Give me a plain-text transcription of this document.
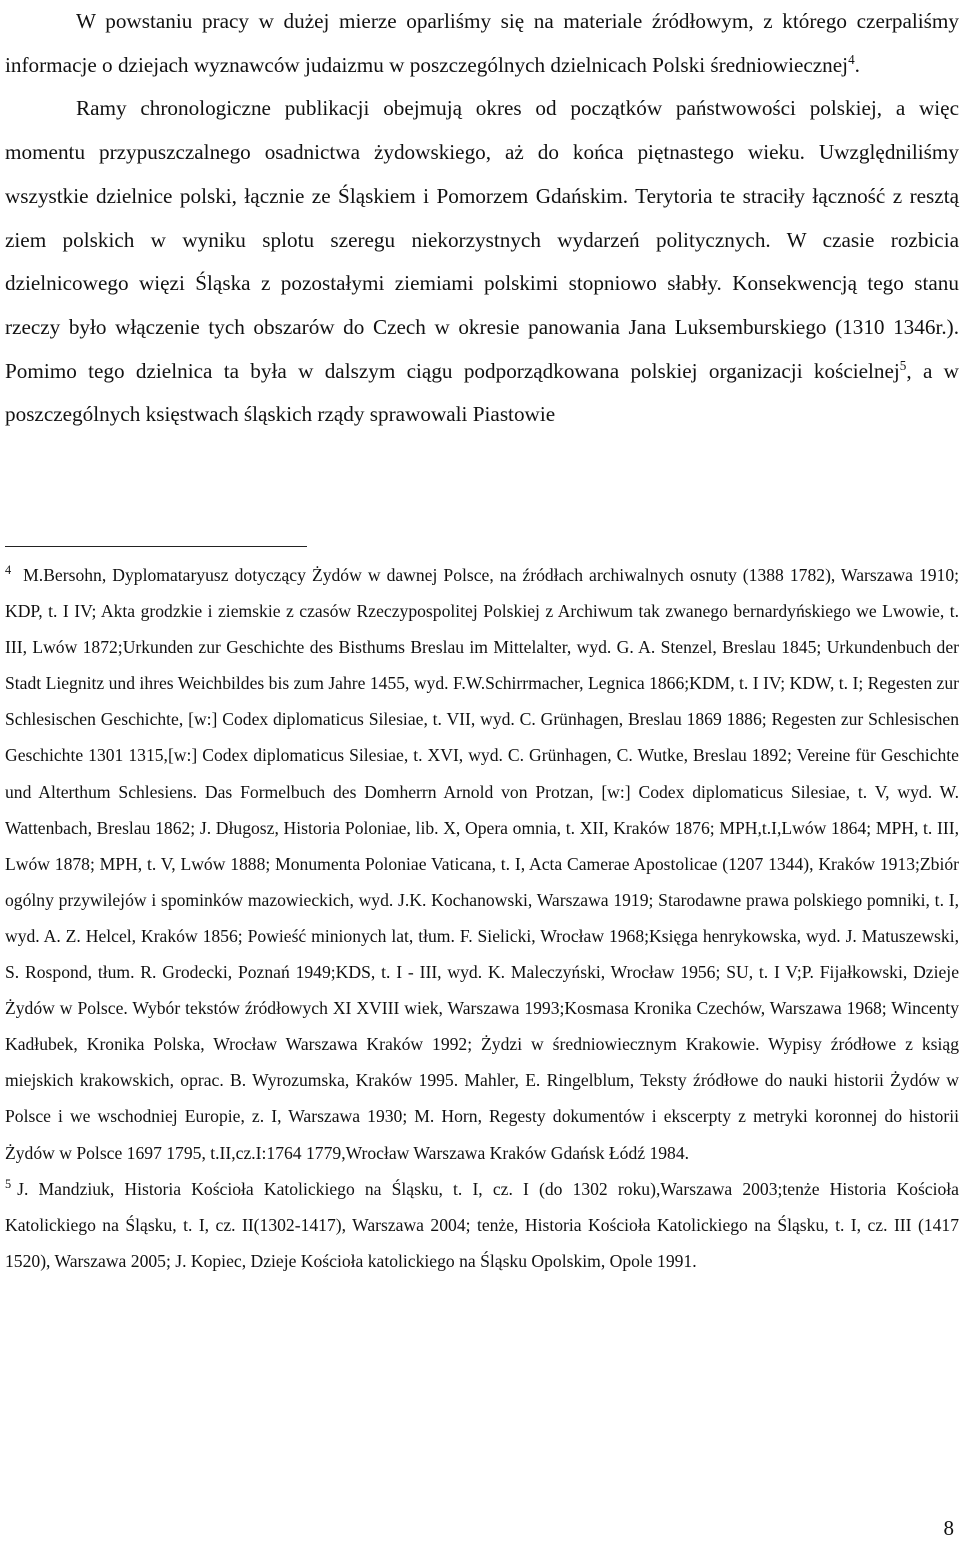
W powstaniu pracy w dużej mierze oparliśmy się na materiale źródłowym, z którego czerpaliśmy informacje o dziejach wyznawców judaizmu w poszczególnych dzielnicach Polski średniowiecznej$^4$.

Ramy chronologiczne publikacji obejmują okres od początków państwowości polskiej, a więc momentu przypuszczalnego osadnictwa żydowskiego, aż do końca piętnastego wieku. Uwzględniliśmy wszystkie dzielnice polski, łącznie ze Śląskiem i Pomorzem Gdańskim. Terytoria te straciły łączność z resztą ziem polskich w wyniku splotu szeregu niekorzystnych wydarzeń politycznych. W czasie rozbicia dzielnicowego więzi Śląska z pozostałymi ziemiami polskimi stopniowo słabły. Konsekwencją tego stanu rzeczy było włączenie tych obszarów do Czech w okresie panowania Jana Luksemburskiego (1310 1346r.). Pomimo tego dzielnica ta była w dalszym ciągu podporządkowana polskiej organizacji kościelnej$^5$, a w poszczególnych księstwach śląskich rządy sprawowali Piastowie

$^4$ M.Bersohn, Dyplomataryusz dotyczący Żydów w dawnej Polsce, na źródłach archiwalnych osnuty (1388 1782), Warszawa 1910; KDP, t. I IV; Akta grodzkie i ziemskie z czasów Rzeczypospolitej Polskiej z Archiwum tak zwanego bernardyńskiego we Lwowie, t. III, Lwów 1872;Urkunden zur Geschichte des Bisthums Breslau im Mittelalter, wyd. G. A. Stenzel, Breslau 1845; Urkundenbuch der Stadt Liegnitz und ihres Weichbildes bis zum Jahre 1455, wyd. F.W.Schirrmacher, Legnica 1866;KDM, t. I IV; KDW, t. I; Regesten zur Schlesischen Geschichte, [w:] Codex diplomaticus Silesiae, t. VII, wyd. C. Grünhagen, Breslau 1869 1886; Regesten zur Schlesischen Geschichte 1301 1315,[w:] Codex diplomaticus Silesiae, t. XVI, wyd. C. Grünhagen, C. Wutke, Breslau 1892; Vereine für Geschichte und Alterthum Schlesiens. Das Formelbuch des Domherrn Arnold von Protzan, [w:] Codex diplomaticus Silesiae, t. V, wyd. W. Wattenbach, Breslau 1862; J. Długosz, Historia Poloniae, lib. X, Opera omnia, t. XII, Kraków 1876; MPH,t.I,Lwów 1864; MPH, t. III, Lwów 1878; MPH, t. V, Lwów 1888; Monumenta Poloniae Vaticana, t. I, Acta Camerae Apostolicae (1207 1344), Kraków 1913;Zbiór ogólny przywilejów i spominków mazowieckich, wyd. J.K. Kochanowski, Warszawa 1919; Starodawne prawa polskiego pomniki, t. I, wyd. A. Z. Helcel, Kraków 1856; Powieść minionych lat, tłum. F. Sielicki, Wrocław 1968;Księga henrykowska, wyd. J. Matuszewski, S. Rospond, tłum. R. Grodecki, Poznań 1949;KDS, t. I - III, wyd. K. Maleczyński, Wrocław 1956; SU, t. I V;P. Fijałkowski, Dzieje Żydów w Polsce. Wybór tekstów źródłowych XI XVIII wiek, Warszawa 1993;Kosmasa Kronika Czechów, Warszawa 1968; Wincenty Kadłubek, Kronika Polska, Wrocław Warszawa Kraków 1992; Żydzi w średniowiecznym Krakowie. Wypisy źródłowe z ksiąg miejskich krakowskich, oprac. B. Wyrozumska, Kraków 1995. Mahler, E. Ringelblum, Teksty źródłowe do nauki historii Żydów w Polsce i we wschodniej Europie, z. I, Warszawa 1930; M. Horn, Regesty dokumentów i ekscerpty z metryki koronnej do historii Żydów w Polsce 1697 1795, t.II,cz.I:1764 1779,Wrocław Warszawa Kraków Gdańsk Łódź 1984.

$^5$ J. Mandziuk, Historia Kościoła Katolickiego na Śląsku, t. I, cz. I (do 1302 roku),Warszawa 2003;tenże Historia Kościoła Katolickiego na Śląsku, t. I, cz. II(1302-1417), Warszawa 2004; tenże, Historia Kościoła Katolickiego na Śląsku, t. I, cz. III (1417 1520), Warszawa 2005; J. Kopiec, Dzieje Kościoła katolickiego na Śląsku Opolskim, Opole 1991.

8
